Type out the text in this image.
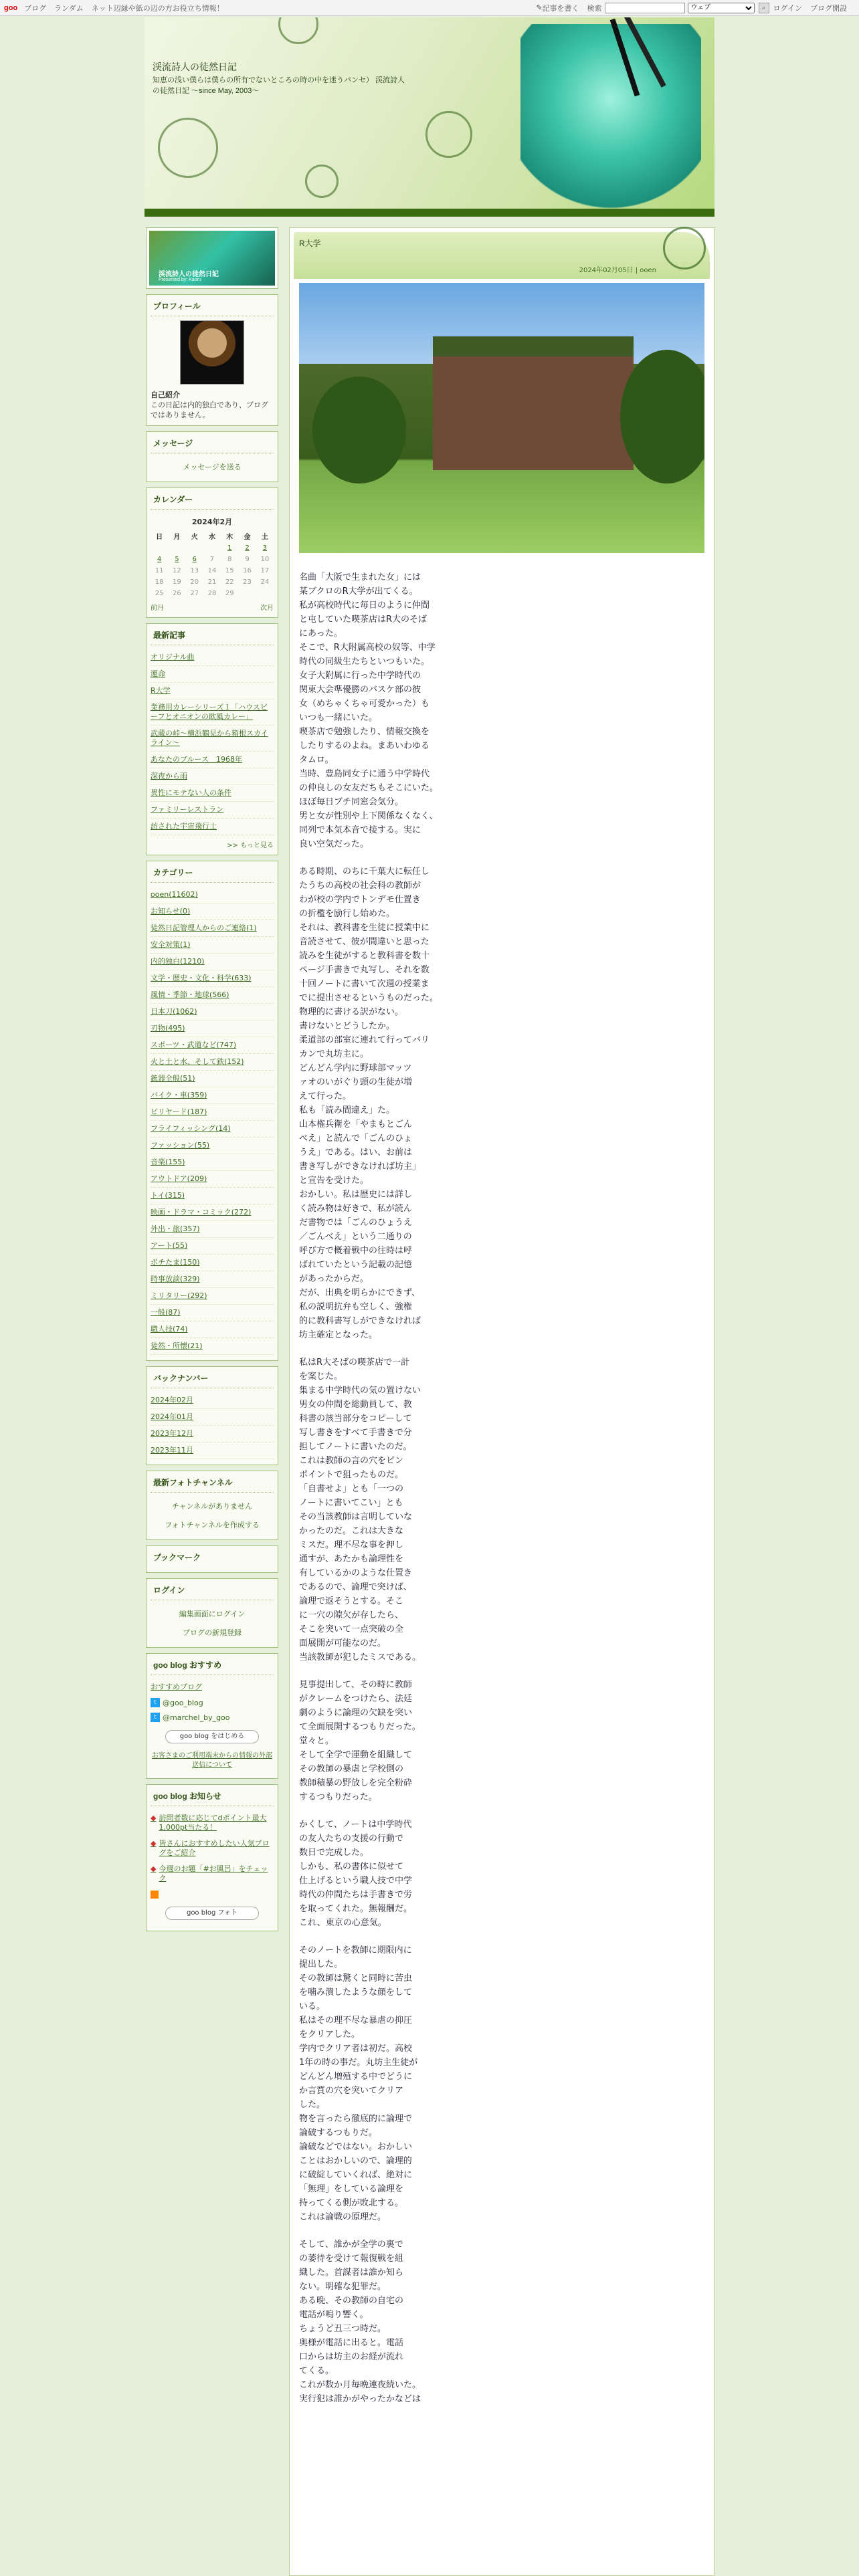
goo ブログ ランダム ネット辺縁や紙の辺の方お役立ち情報！	✎ 記事を書く 検索
ウェブ	⌕	ログイン ブログ開設
渓流詩人の徒然日記
知恵の浅い僕らは僕らの所有でないところの時の中を迷うパンセ） 渓流詩人の徒然日記 ～since May, 2003～
渓流詩人の徒然日記
Presented by: Kaoru
プロフィール
自己紹介
この日記は内的独白であり、ブログではありません。
メッセージ
メッセージを送る
カレンダー
2024年2月
日	月	火	水	木	金	土
				1	2	3
4	5	6	7	8	9	10
11	12	13	14	15	16	17
18	19	20	21	22	23	24
25	26	27	28	29		
前月	次月
最新記事
オリジナル曲
運命
R大学
業務用カレーシリーズ１「ハウスビーフとオニオンの欧風カレー」
武蔵の峠～横浜鶴見から箱根スカイライン～
あなたのブルース　1968年
深夜から雨
異性にモテない人の条件
ファミリーレストラン
訪された宇宙飛行士
>> もっと見る
カテゴリー
ooen(11602)
お知らせ(0)
徒然日記管理人からのご連絡(1)
安全対策(1)
内的独白(1210)
文学・歴史・文化・科学(633)
風情・季節・地球(566)
日本刀(1062)
刃物(495)
スポーツ・武道など(747)
火と土と水、そして鉄(152)
銃器全般(51)
バイク・車(359)
ビリヤード(187)
フライフィッシング(14)
ファッション(55)
音楽(155)
アウトドア(209)
トイ(315)
映画・ドラマ・コミック(272)
外出・旅(357)
アート(55)
ポチたま(150)
時事放談(329)
ミリタリー(292)
一般(87)
職人技(74)
徒然・所懐(21)
バックナンバー
2024年02月
2024年01月
2023年12月
2023年11月
最新フォトチャンネル
チャンネルがありません
フォトチャンネルを作成する
ブックマーク
ログイン
編集画面にログイン
ブログの新規登録
goo blog おすすめ
おすすめブログ
t @goo_blog
t @marchel_by_goo
goo blog をはじめる
お客さまのご利用端末からの情報の外部送信について
goo blog お知らせ
◆ 訪問者数に応じてdポイント最大1,000pt当たる！
◆ 皆さんにおすすめしたい人気ブログをご紹介
◆ 今週のお題「#お風呂」をチェック
goo blog フォト
R大学
2024年02月05日 | ooen

名曲「大阪で生まれた女」には
某ブクロのR大学が出てくる。
私が高校時代に毎日のように仲間
と屯していた喫茶店はR大のそば
にあった。
そこで、R大附属高校の奴等、中学
時代の同級生たちといつもいた。
女子大附属に行った中学時代の
関東大会準優勝のバスケ部の彼
女（めちゃくちゃ可愛かった）も
いつも一緒にいた。
喫茶店で勉強したり、情報交換を
したりするのよね。まあいわゆる
タムロ。
当時、豊島同女子に通う中学時代
の仲良しの女友だちもそこにいた。
ほぼ毎日ブチ同窓会気分。
男と女が性別や上下関係なくなく、
同列で本気本音で接する。実に
良い空気だった。

ある時期、のちに千葉大に転任し
たうちの高校の社会科の教師が
わが校の学内でトンデモ仕置き
の折檻を励行し始めた。
それは、教科書を生徒に授業中に
音読させて、彼が間違いと思った
読みを生徒がすると教科書を数十
ページ手書きで丸写し、それを数
十回ノートに書いて次週の授業ま
でに提出させるというものだった。
物理的に書ける訳がない。
書けないとどうしたか。
柔道部の部室に連れて行ってバリ
カンで丸坊主に。
どんどん学内に野球部マッツ
ァオのいがぐり頭の生徒が増
えて行った。
私も「読み間違え」た。
山本権兵衛を「やまもとごん
べえ」と読んで「ごんのひょ
うえ」である。はい、お前は
書き写しができなければ坊主」
と宣告を受けた。
おかしい。私は歴史には詳し
く読み物は好きで、私が読ん
だ書物では「ごんのひょうえ
／ごんべえ」という二通りの
呼び方で概着戦中の往時は呼
ばれていたという記載の記憶
があったからだ。
だが、出典を明らかにできず、
私の説明抗弁も空しく、強権
的に教科書写しができなければ
坊主確定となった。

私はR大そばの喫茶店で一計
を案じた。
集まる中学時代の気の置けない
男女の仲間を総動員して、教
科書の該当部分をコピーして
写し書きをすべて手書きで分
担してノートに書いたのだ。
これは教師の言の穴をピン
ポイントで狙ったものだ。
「自書せよ」とも「一つの
ノートに書いてこい」とも
その当該教師は言明していな
かったのだ。これは大きな
ミスだ。理不尽な事を押し
通すが、あたかも論理性を
有しているかのような仕置き
であるので、論理で突けば、
論理で返そうとする。そこ
に一穴の隙欠が存したら、
そこを突いて一点突破の全
面展開が可能なのだ。
当該教師が犯したミスである。

見事提出して、その時に教師
がクレームをつけたら、法廷
劇のように論理の欠缺を突い
て全面展開するつもりだった。
堂々と。
そして全学で運動を組織して
その教師の暴虐と学校側の
教師積暴の野放しを完全粉砕
するつもりだった。

かくして、ノートは中学時代
の友人たちの支援の行動で
数日で完成した。
しかも、私の書体に似せて
仕上げるという職人技で中学
時代の仲間たちは手書きで労
を取ってくれた。無報酬だ。
これ、東京の心意気。

そのノートを教師に期限内に
提出した。
その教師は驚くと同時に苦虫
を噛み潰したような顔をして
いる。
私はその理不尽な暴虐の抑圧
をクリアした。
学内でクリア者は初だ。高校
1年の時の事だ。丸坊主生徒が
どんどん増殖する中でどうに
か言質の穴を突いてクリア
した。
物を言ったら徹底的に論理で
論破するつもりだ。
論破などではない。おかしい
ことはおかしいので、論理的
に破綻していくれば、絶対に
「無理」をしている論理を
持ってくる側が敗北する。
これは論戦の原理だ。

そして、誰かが全学の裏で
の萎待を受けて報復戦を組
織した。首謀者は誰か知ら
ない。明確な犯罪だ。
ある晩、その教師の自宅の
電話が鳴り響く。
ちょうど丑三つ時だ。
奥様が電話に出ると。電話
口からは坊主のお経が流れ
てくる。
これが数か月毎晩連夜続いた。
実行犯は誰かがやったかなどは
